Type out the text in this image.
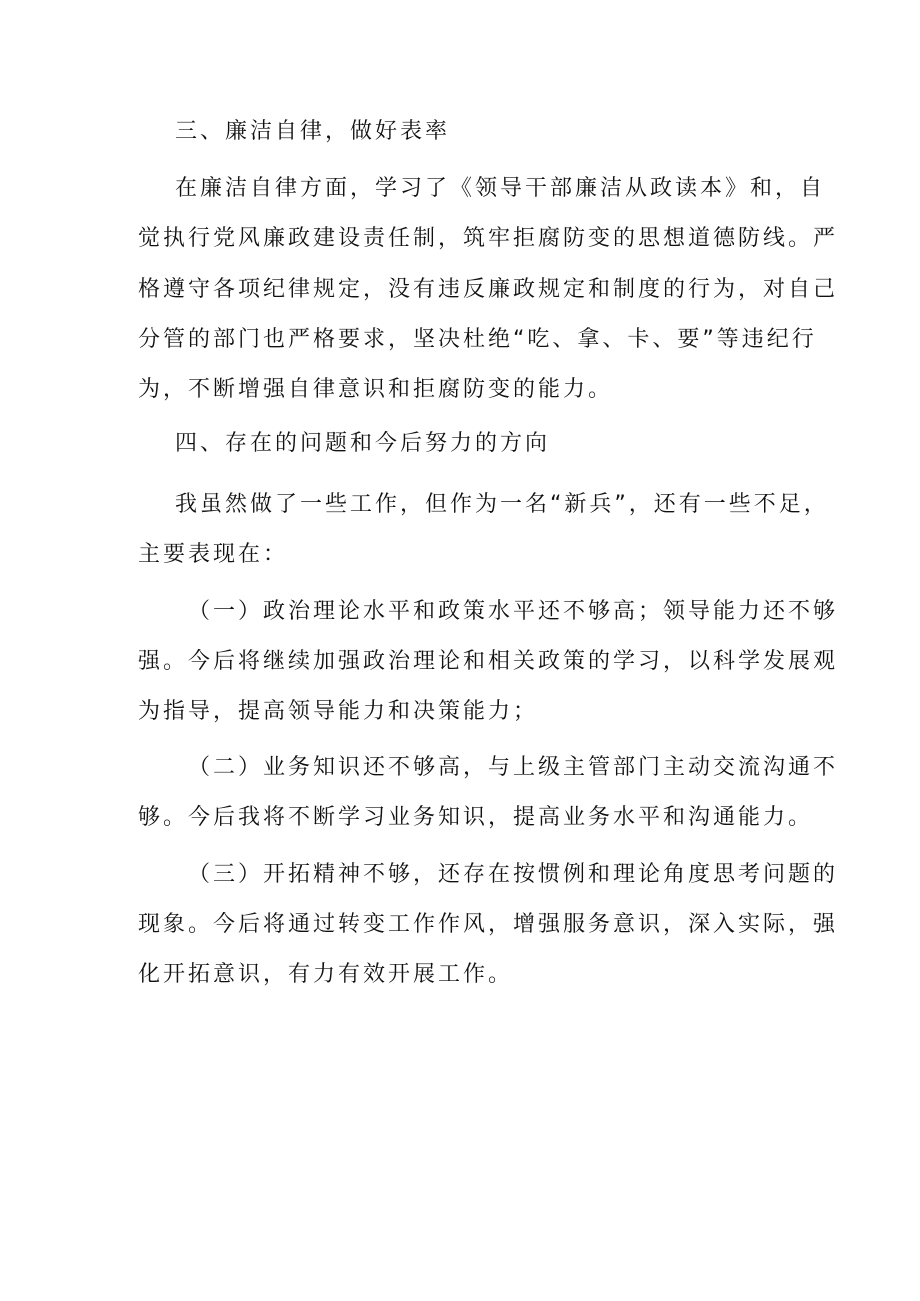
三、廉洁自律，做好表率
在廉洁自律方面，学习了《领导干部廉洁从政读本》和，自
觉执行党风廉政建设责任制，筑牢拒腐防变的思想道德防线。严
格遵守各项纪律规定，没有违反廉政规定和制度的行为，对自己
分管的部门也严格要求，坚决杜绝“吃、拿、卡、要”等违纪行
为，不断增强自律意识和拒腐防变的能力。
四、存在的问题和今后努力的方向
我虽然做了一些工作，但作为一名“新兵”，还有一些不足，
主要表现在：
（一）政治理论水平和政策水平还不够高；领导能力还不够
强。今后将继续加强政治理论和相关政策的学习，以科学发展观
为指导，提高领导能力和决策能力；
（二）业务知识还不够高，与上级主管部门主动交流沟通不
够。今后我将不断学习业务知识，提高业务水平和沟通能力。
（三）开拓精神不够，还存在按惯例和理论角度思考问题的
现象。今后将通过转变工作作风，增强服务意识，深入实际，强
化开拓意识，有力有效开展工作。
